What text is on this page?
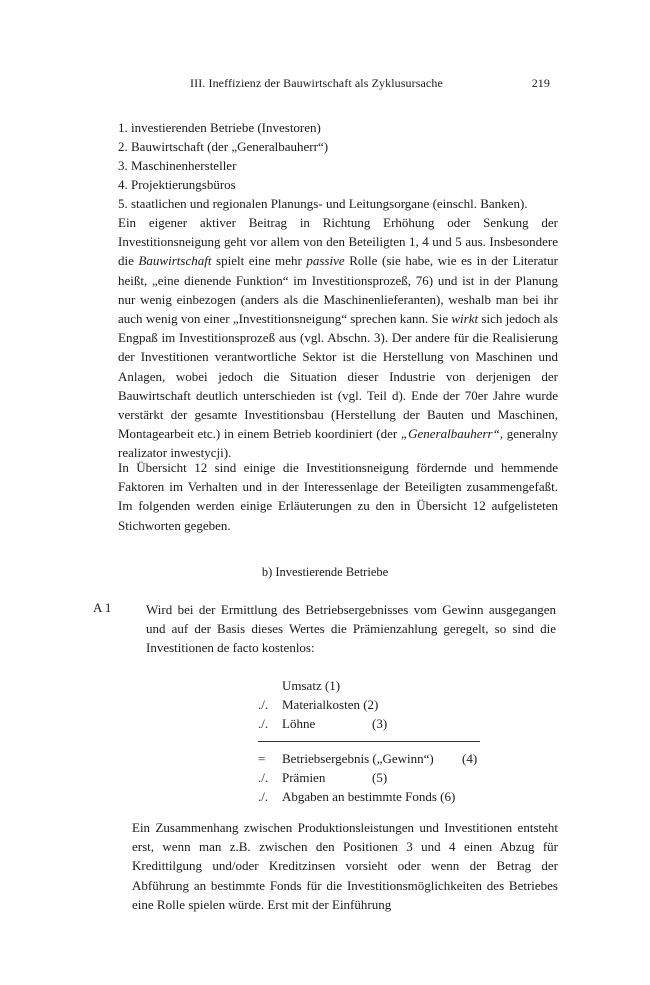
III. Ineffizienz der Bauwirtschaft als Zyklusursache	219
1. investierenden Betriebe (Investoren)
2. Bauwirtschaft (der „Generalbauherr“)
3. Maschinenhersteller
4. Projektierungsbüros
5. staatlichen und regionalen Planungs- und Leitungsorgane (einschl. Banken).

Ein eigener aktiver Beitrag in Richtung Erhöhung oder Senkung der Investitionsneigung geht vor allem von den Beteiligten 1, 4 und 5 aus. Insbesondere die Bauwirtschaft spielt eine mehr passive Rolle (sie habe, wie es in der Literatur heißt, „eine dienende Funktion“ im Investitionsprozeß, 76) und ist in der Planung nur wenig einbezogen (anders als die Maschinenlieferanten), weshalb man bei ihr auch wenig von einer „Investitionsneigung“ sprechen kann. Sie wirkt sich jedoch als Engpaß im Investitionsprozeß aus (vgl. Abschn. 3). Der andere für die Realisierung der Investitionen verantwortliche Sektor ist die Herstellung von Maschinen und Anlagen, wobei jedoch die Situation dieser Industrie von derjenigen der Bauwirtschaft deutlich unterschieden ist (vgl. Teil d). Ende der 70er Jahre wurde verstärkt der gesamte Investitionsbau (Herstellung der Bauten und Maschinen, Montagearbeit etc.) in einem Betrieb koordiniert (der „Generalbauherr“, generalny realizator inwestycji).

In Übersicht 12 sind einige die Investitionsneigung fördernde und hemmende Faktoren im Verhalten und in der Interessenlage der Beteiligten zusammengefaßt. Im folgenden werden einige Erläuterungen zu den in Übersicht 12 aufgelisteten Stichworten gegeben.

b) Investierende Betriebe
A 1	Wird bei der Ermittlung des Betriebsergebnisses vom Gewinn ausgegangen und auf der Basis dieses Wertes die Prämienzahlung geregelt, so sind die Investitionen de facto kostenlos:

Umsatz (1)
./.	Materialkosten (2)
./.	Löhne	(3)
=	Betriebsergebnis („Gewinn“) (4)
./.	Prämien	(5)
./.	Abgaben an bestimmte Fonds (6)

Ein Zusammenhang zwischen Produktionsleistungen und Investitionen entsteht erst, wenn man z.B. zwischen den Positionen 3 und 4 einen Abzug für Kredittilgung und/oder Kreditzinsen vorsieht oder wenn der Betrag der Abführung an bestimmte Fonds für die Investitionsmöglichkeiten des Betriebes eine Rolle spielen würde. Erst mit der Einführung
